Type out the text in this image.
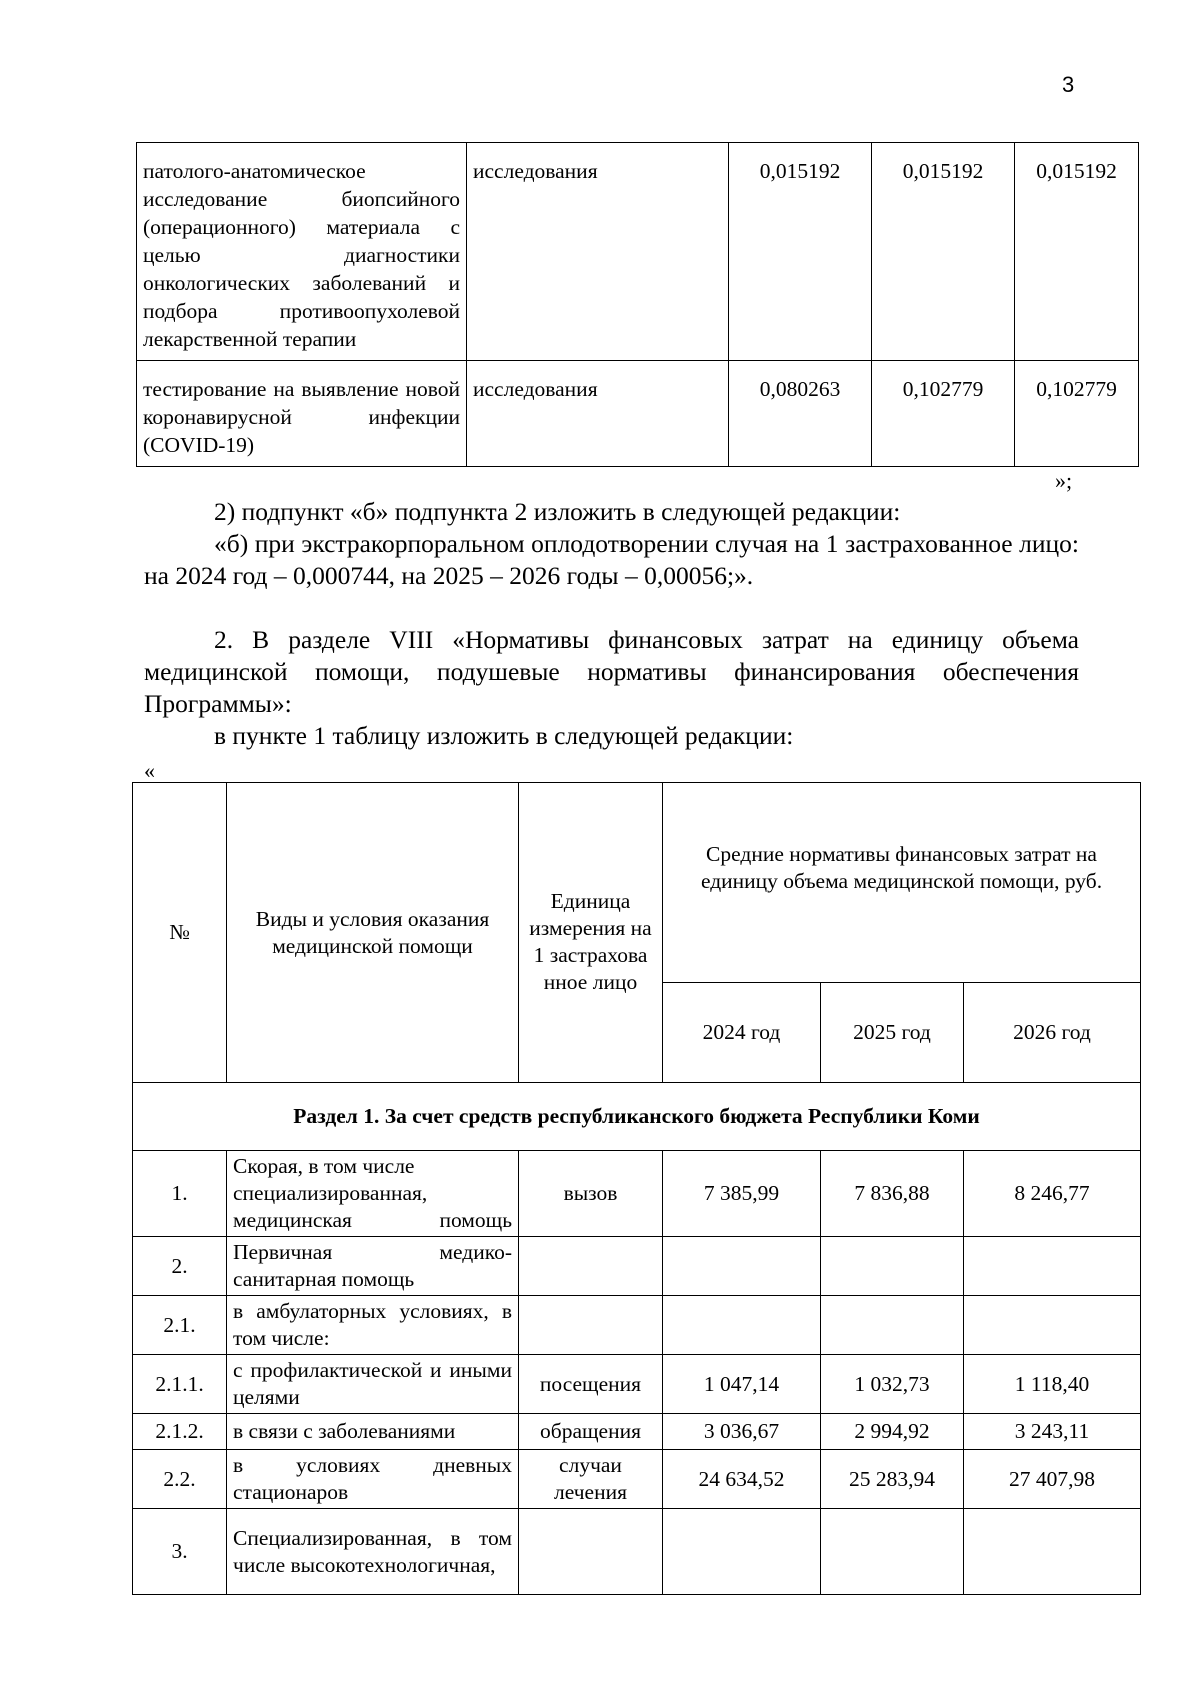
3
патолого-анатомическое исследование биопсийного (операционного) материала с целью диагностики онкологических заболеваний и подбора противоопухолевой лекарственной терапии	исследования	0,015192	0,015192	0,015192
тестирование на выявление новой коронавирусной инфекции (COVID-19)	исследования	0,080263	0,102779	0,102779
»;
2) подпункт «б» подпункта 2 изложить в следующей редакции:
«б) при экстракорпоральном оплодотворении случая на 1 застрахованное лицо: на 2024 год – 0,000744, на 2025 – 2026 годы – 0,00056;».
2. В разделе VIII «Нормативы финансовых затрат на единицу объема медицинской помощи, подушевые нормативы финансирования обеспечения Программы»:
в пункте 1 таблицу изложить в следующей редакции:
«
№	Виды и условия оказания медицинской помощи	Единица измерения на 1 застрахова нное лицо	Средние нормативы финансовых затрат на единицу объема медицинской помощи, руб.		
			2024 год	2025 год	2026 год
Раздел 1. За счет средств республиканского бюджета Республики Коми					
1.	Скорая, в том числе специализированная, медицинская помощь	вызов	7 385,99	7 836,88	8 246,77
2.	Первичная медико-санитарная помощь				
2.1.	в амбулаторных условиях, в том числе:				
2.1.1.	с профилактической и иными целями	посещения	1 047,14	1 032,73	1 118,40
2.1.2.	в связи с заболеваниями	обращения	3 036,67	2 994,92	3 243,11
2.2.	в условиях дневных стационаров	случаи лечения	24 634,52	25 283,94	27 407,98
3.	Специализированная, в том числе высокотехнологичная,				
